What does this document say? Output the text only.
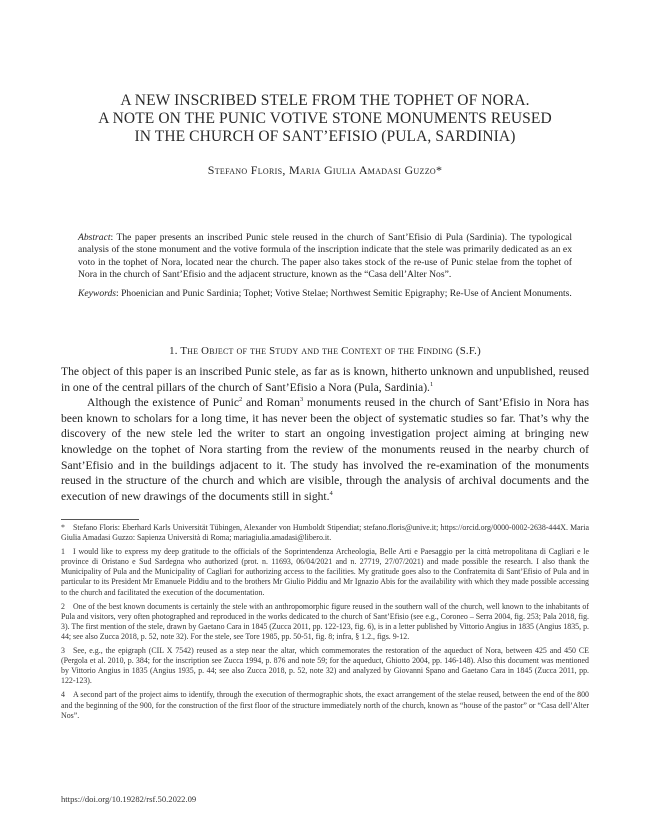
A NEW INSCRIBED STELE FROM THE TOPHET OF NORA.
A NOTE ON THE PUNIC VOTIVE STONE MONUMENTS REUSED
IN THE CHURCH OF SANT’EFISIO (PULA, SARDINIA)
Stefano Floris, Maria Giulia Amadasi Guzzo*

Abstract: The paper presents an inscribed Punic stele reused in the church of Sant’Efisio di Pula (Sardinia). The typological analysis of the stone monument and the votive formula of the inscription indicate that the stele was primarily dedicated as an ex voto in the tophet of Nora, located near the church. The paper also takes stock of the re-use of Punic stelae from the tophet of Nora in the church of Sant’Efisio and the adjacent structure, known as the “Casa dell’Alter Nos”.

Keywords: Phoenician and Punic Sardinia; Tophet; Votive Stelae; Northwest Semitic Epigraphy; Re-Use of Ancient Monuments.

1. The Object of the Study and the Context of the Finding (S.F.)

The object of this paper is an inscribed Punic stele, as far as is known, hitherto unknown and unpublished, reused in one of the central pillars of the church of Sant’Efisio a Nora (Pula, Sardinia).$^1$

Although the existence of Punic$^2$ and Roman$^3$ monuments reused in the church of Sant’Efisio in Nora has been known to scholars for a long time, it has never been the object of systematic studies so far. That’s why the discovery of the new stele led the writer to start an ongoing investigation project aiming at bringing new knowledge on the tophet of Nora starting from the review of the monuments reused in the nearby church of Sant’Efisio and in the buildings adjacent to it. The study has involved the re-examination of the monuments reused in the structure of the church and which are visible, through the analysis of archival documents and the execution of new drawings of the documents still in sight.$^4$

* Stefano Floris: Eberhard Karls Universität Tübingen, Alexander von Humboldt Stipendiat; stefano.floris@unive.it; https://orcid.org/0000-0002-2638-444X. Maria Giulia Amadasi Guzzo: Sapienza Università di Roma; mariagiulia.amadasi@libero.it.

1 I would like to express my deep gratitude to the officials of the Soprintendenza Archeologia, Belle Arti e Paesaggio per la città metropolitana di Cagliari e le province di Oristano e Sud Sardegna who authorized (prot. n. 11693, 06/04/2021 and n. 27719, 27/07/2021) and made possible the research. I also thank the Municipality of Pula and the Municipality of Cagliari for authorizing access to the facilities. My gratitude goes also to the Confraternita di Sant’Efisio of Pula and in particular to its President Mr Emanuele Piddiu and to the brothers Mr Giulio Piddiu and Mr Ignazio Abis for the availability with which they made possible accessing to the church and facilitated the execution of the documentation.

2 One of the best known documents is certainly the stele with an anthropomorphic figure reused in the southern wall of the church, well known to the inhabitants of Pula and visitors, very often photographed and reproduced in the works dedicated to the church of Sant’Efisio (see e.g., Coroneo – Serra 2004, fig. 253; Pala 2018, fig. 3). The first mention of the stele, drawn by Gaetano Cara in 1845 (Zucca 2011, pp. 122-123, fig. 6), is in a letter published by Vittorio Angius in 1835 (Angius 1835, p. 44; see also Zucca 2018, p. 52, note 32). For the stele, see Tore 1985, pp. 50-51, fig. 8; infra, § 1.2., figs. 9-12.

3 See, e.g., the epigraph (CIL X 7542) reused as a step near the altar, which commemorates the restoration of the aqueduct of Nora, between 425 and 450 CE (Pergola et al. 2010, p. 384; for the inscription see Zucca 1994, p. 876 and note 59; for the aqueduct, Ghiotto 2004, pp. 146-148). Also this document was mentioned by Vittorio Angius in 1835 (Angius 1935, p. 44; see also Zucca 2018, p. 52, note 32) and analyzed by Giovanni Spano and Gaetano Cara in 1845 (Zucca 2011, pp. 122-123).

4 A second part of the project aims to identify, through the execution of thermographic shots, the exact arrangement of the stelae reused, between the end of the 800 and the beginning of the 900, for the construction of the first floor of the structure immediately north of the church, known as “house of the pastor” or “Casa dell’Alter Nos”.

https://doi.org/10.19282/rsf.50.2022.09
